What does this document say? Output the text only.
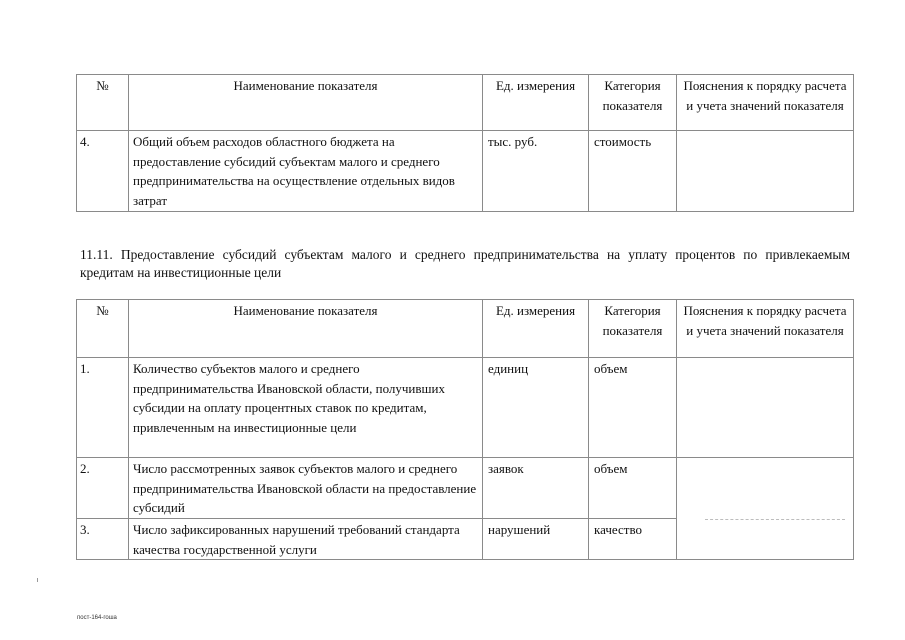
№	Наименование показателя	Ед. измерения	Категория показателя	Пояснения к порядку расчета и учета значений показателя
4.	Общий объем расходов областного бюджета на предоставление субсидий субъектам малого и среднего предпринимательства на осуществление отдельных видов затрат	тыс. руб.	стоимость	
11.11. Предоставление субсидий субъектам малого и среднего предпринимательства на уплату процентов по привлекаемым кредитам на инвестиционные цели
№	Наименование показателя	Ед. измерения	Категория показателя	Пояснения к порядку расчета и учета значений показателя
1.	Количество субъектов малого и среднего предпринимательства Ивановской области, получивших субсидии на оплату процентных ставок по кредитам, привлеченным на инвестиционные цели	единиц	объем	
2.	Число рассмотренных заявок субъектов малого и среднего предпринимательства Ивановской области на предоставление субсидий	заявок	объем	
3.	Число зафиксированных нарушений требований стандарта качества государственной услуги	нарушений	качество	
пост-164-гоша
